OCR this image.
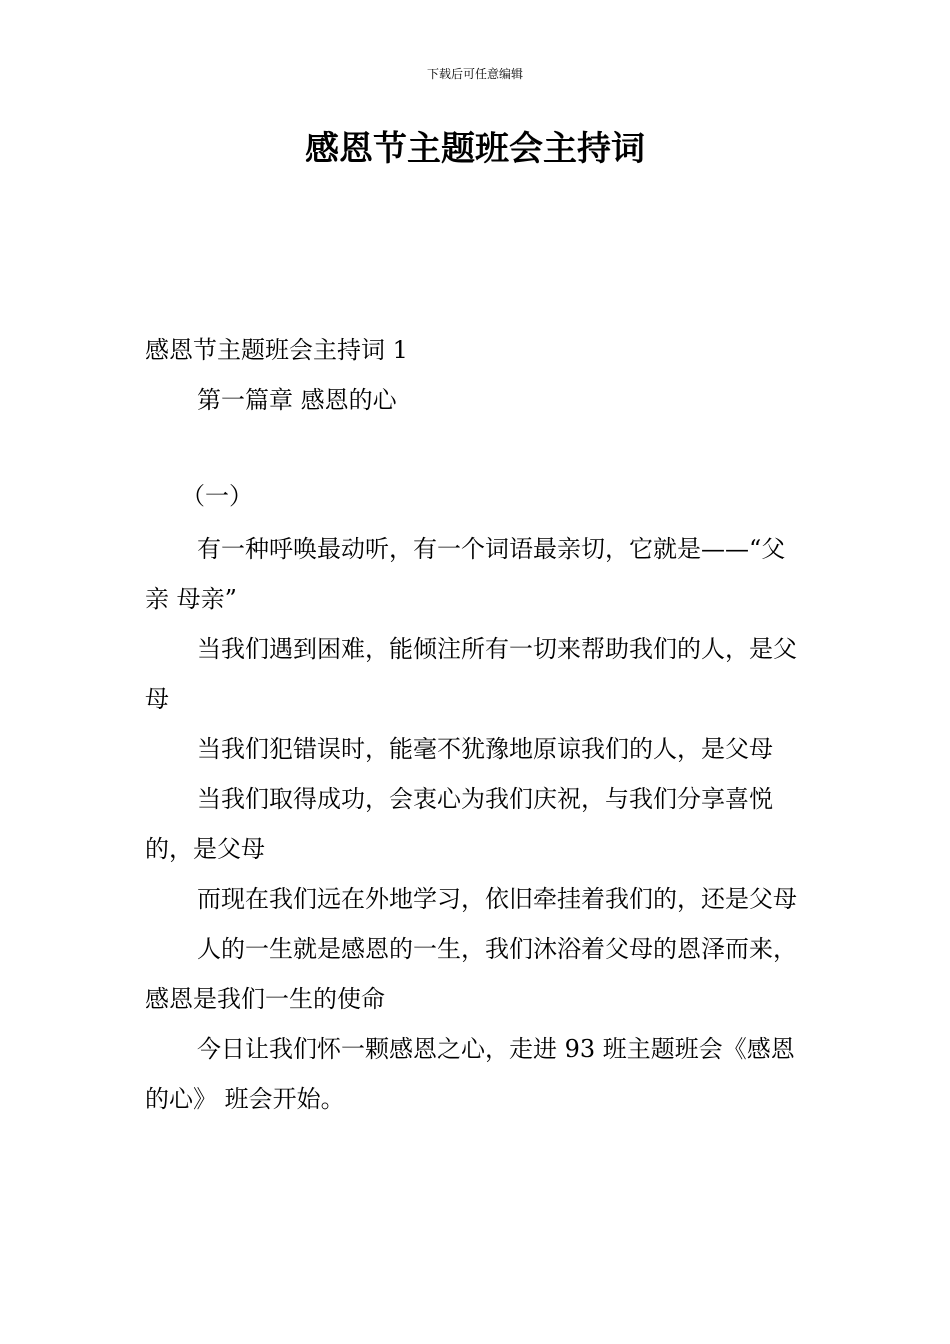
下载后可任意编辑
感恩节主题班会主持词
感恩节主题班会主持词 1
第一篇章 感恩的心
（一）

有一种呼唤最动听，有一个词语最亲切，它就是——“父亲 母亲”

当我们遇到困难，能倾注所有一切来帮助我们的人，是父母

当我们犯错误时，能毫不犹豫地原谅我们的人，是父母

当我们取得成功，会衷心为我们庆祝，与我们分享喜悦的，是父母

而现在我们远在外地学习，依旧牵挂着我们的，还是父母

人的一生就是感恩的一生，我们沐浴着父母的恩泽而来，感恩是我们一生的使命

今日让我们怀一颗感恩之心，走进 93 班主题班会《感恩的心》 班会开始。
